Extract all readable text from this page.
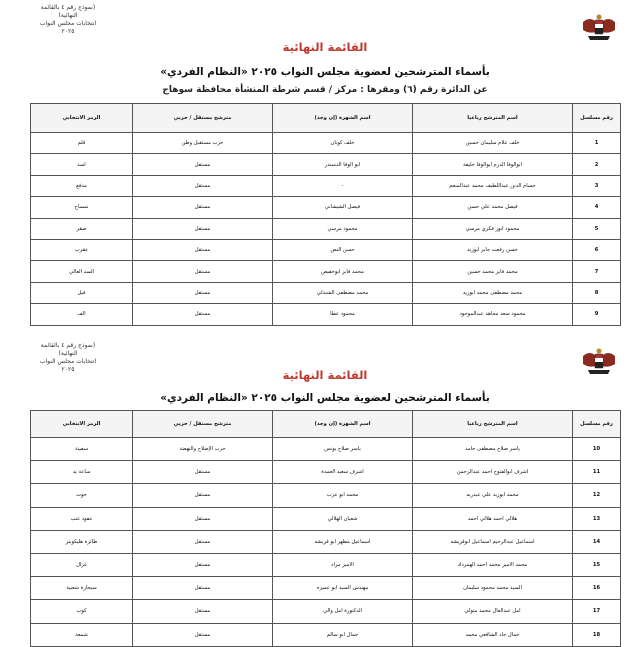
(نموذج رقم ٤ بالقائمة النهائية)
انتخابات مجلس النواب ٢٠٢٥
القائمة النهائية
بأسماء المترشحين لعضوية مجلس النواب ٢٠٢٥ «النظام الفردي»
عن الدائرة رقم (٦) ومقرها : مركز / قسم شرطة المنشأة محافظة سوهاج
رقم مسلسل	اسم المترشح رباعيا	اسم الشهرة (إن وجد)	مترشح مستقل / حزبي	الرمز الانتخابي
1	خلف علام سليمان حسين	خلف كوبان	حزب مستقبل وطن	قلم
2	ابوالوفا الدرم ابوالوفا خليفة	ابو الوفا الدسندر	مستقل	اسد
3	حسام الدين عبداللطيف محمد عبدالمنعم	-	مستقل	مدفع
4	فيصل محمد علي حسن	فيصل الشيشاني	مستقل	تمساح
5	محمود انور فكري مرسي	محمود مرسي	مستقل	صقر
6	حسن رفعت جابر ابوزيد	حسن النص	مستقل	عقرب
7	محمد فايز محمد حسين	محمد فايز ابوحفيص	مستقل	السد العالي
8	محمد مصطفى محمد ابوزيد	محمد مصطفى الشندلي	مستقل	فيل
9	محمود سعد مجاهد عبدالموجود	محمود عطا	مستقل	الف
(نموذج رقم ٤ بالقائمة النهائية)
انتخابات مجلس النواب ٢٠٢٥	القائمة النهائية
بأسماء المترشحين لعضوية مجلس النواب ٢٠٢٥ «النظام الفردي»
رقم مسلسل	اسم المترشح رباعيا	اسم الشهرة (إن وجد)	مترشح مستقل / حزبي	الرمز الانتخابي
10	ياسر صلاح مصطفى حامد	ياسر صلاح يونس	حزب الإصلاح والنهضة	سفينة
11	اشرف ابوالفتوح احمد عبدالرحمن	اشرف سعيد العمدة	مستقل	ساعة يد
12	محمد ابوزيد علي عبدربه	محمد ابو عزب	مستقل	حوت
13	هلالي احمد هلالي احمد	شعبان الهلالي	مستقل	عقود عنب
14	اسماعيل عبدالرحيم اسماعيل ابوقريشه	اسماعيل مظهر ابو قريشه	مستقل	طائرة هليكوبتر
15	محمد الامير محمد احمد الهمرداد	الامير مراد	مستقل	غزال
16	السيد محمد محمود سليمان	مهندس السيد ابو عميره	مستقل	سيجارة شعبية
17	امل عبدالعال محمد متولي	الدكتورة امل والي	مستقل	كوب
18	جمال جاد الشافعي محمد	جمال ابو سالم	مستقل	شمعة
